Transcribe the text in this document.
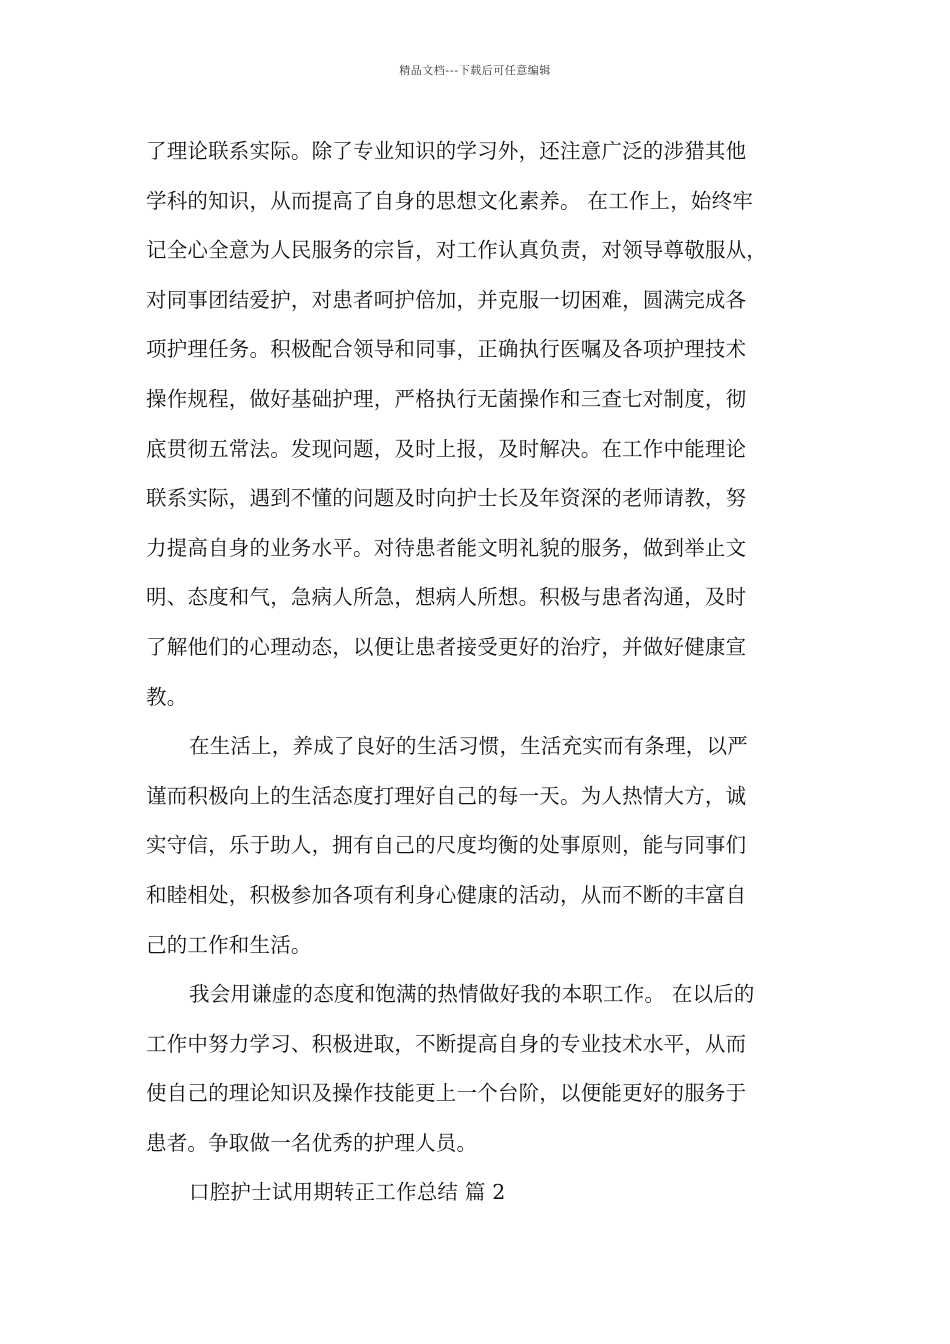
精品文档---下载后可任意编辑
了理论联系实际。除了专业知识的学习外，还注意广泛的涉猎其他
学科的知识，从而提高了自身的思想文化素养。 在工作上，始终牢
记全心全意为人民服务的宗旨，对工作认真负责，对领导尊敬服从，
对同事团结爱护，对患者呵护倍加，并克服一切困难，圆满完成各
项护理任务。积极配合领导和同事，正确执行医嘱及各项护理技术
操作规程，做好基础护理，严格执行无菌操作和三查七对制度，彻
底贯彻五常法。发现问题，及时上报，及时解决。在工作中能理论
联系实际，遇到不懂的问题及时向护士长及年资深的老师请教，努
力提高自身的业务水平。对待患者能文明礼貌的服务，做到举止文
明、态度和气，急病人所急，想病人所想。积极与患者沟通，及时
了解他们的心理动态，以便让患者接受更好的治疗，并做好健康宣
教。
在生活上，养成了良好的生活习惯，生活充实而有条理，以严
谨而积极向上的生活态度打理好自己的每一天。为人热情大方，诚
实守信，乐于助人，拥有自己的尺度均衡的处事原则，能与同事们
和睦相处，积极参加各项有利身心健康的活动，从而不断的丰富自
己的工作和生活。
我会用谦虚的态度和饱满的热情做好我的本职工作。 在以后的
工作中努力学习、积极进取，不断提高自身的专业技术水平，从而
使自己的理论知识及操作技能更上一个台阶，以便能更好的服务于
患者。争取做一名优秀的护理人员。
口腔护士试用期转正工作总结 篇 2
